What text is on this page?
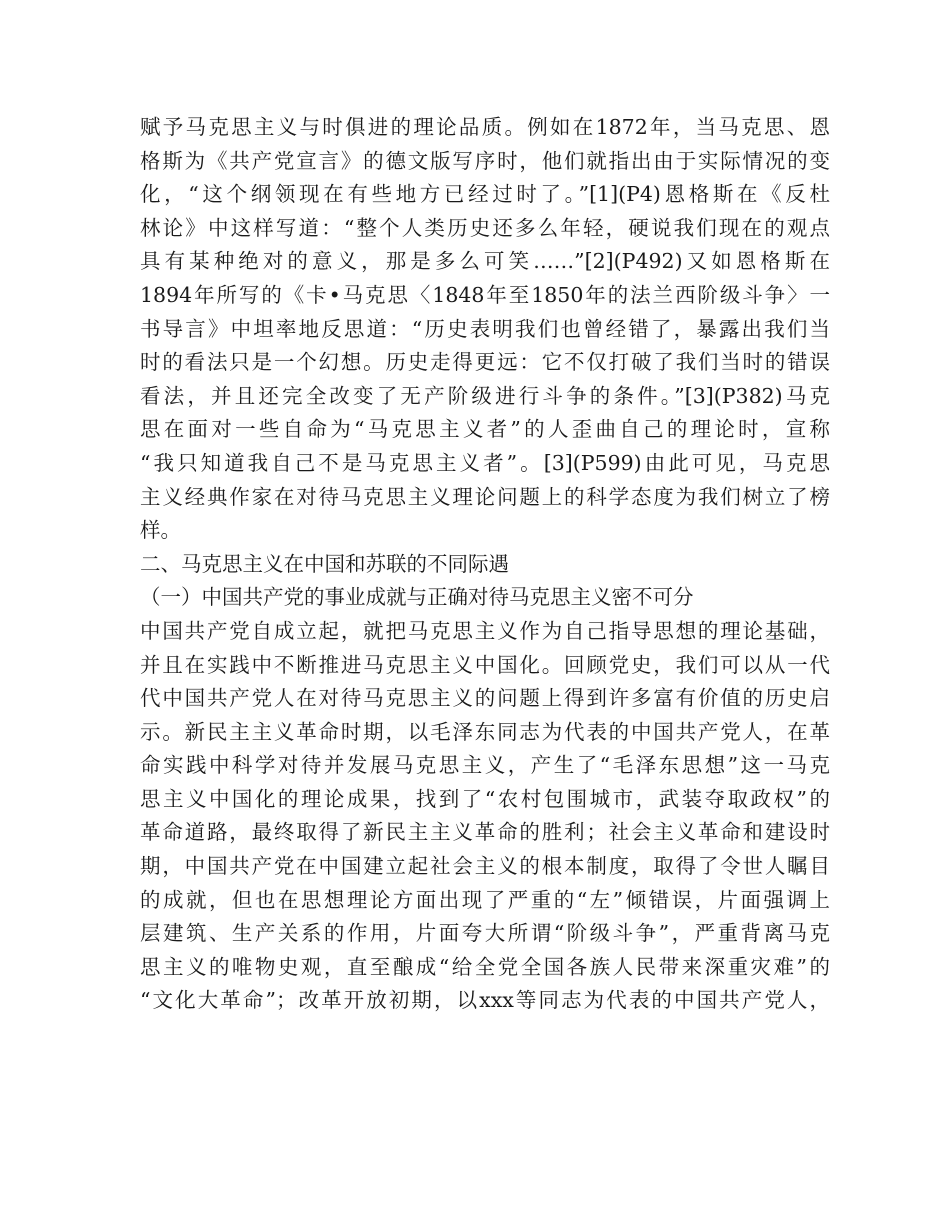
赋予马克思主义与时俱进的理论品质。例如在1872年，当马克思、恩
格斯为《共产党宣言》的德文版写序时，他们就指出由于实际情况的变
化，“这个纲领现在有些地方已经过时了。”[1](P4)恩格斯在《反杜
林论》中这样写道：“整个人类历史还多么年轻，硬说我们现在的观点
具有某种绝对的意义，那是多么可笑……”[2](P492)又如恩格斯在
1894年所写的《卡•马克思〈1848年至1850年的法兰西阶级斗争〉一
书导言》中坦率地反思道：“历史表明我们也曾经错了，暴露出我们当
时的看法只是一个幻想。历史走得更远：它不仅打破了我们当时的错误
看法，并且还完全改变了无产阶级进行斗争的条件。”[3](P382)马克
思在面对一些自命为“马克思主义者”的人歪曲自己的理论时，宣称
“我只知道我自己不是马克思主义者”。[3](P599)由此可见，马克思
主义经典作家在对待马克思主义理论问题上的科学态度为我们树立了榜
样。
二、马克思主义在中国和苏联的不同际遇
（一）中国共产党的事业成就与正确对待马克思主义密不可分
中国共产党自成立起，就把马克思主义作为自己指导思想的理论基础，
并且在实践中不断推进马克思主义中国化。回顾党史，我们可以从一代
代中国共产党人在对待马克思主义的问题上得到许多富有价值的历史启
示。新民主主义革命时期，以毛泽东同志为代表的中国共产党人，在革
命实践中科学对待并发展马克思主义，产生了“毛泽东思想”这一马克
思主义中国化的理论成果，找到了“农村包围城市，武装夺取政权”的
革命道路，最终取得了新民主主义革命的胜利；社会主义革命和建设时
期，中国共产党在中国建立起社会主义的根本制度，取得了令世人瞩目
的成就，但也在思想理论方面出现了严重的“左”倾错误，片面强调上
层建筑、生产关系的作用，片面夸大所谓“阶级斗争”，严重背离马克
思主义的唯物史观，直至酿成“给全党全国各族人民带来深重灾难”的
“文化大革命”；改革开放初期，以xxx等同志为代表的中国共产党人，
